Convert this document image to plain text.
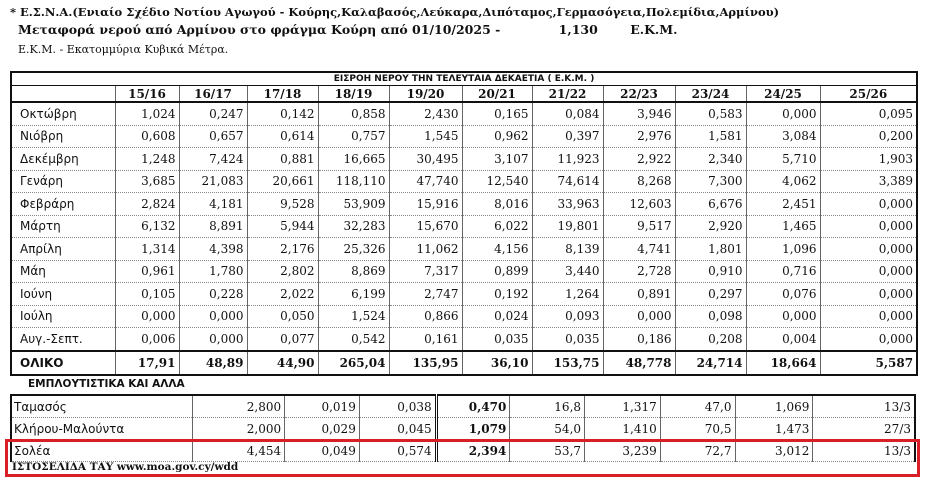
* Ε.Σ.Ν.Α.(Ενιαίο Σχέδιο Νοτίου Αγωγού - Κούρης,Καλαβασός,Λεύκαρα,Διπόταμος,Γερμασόγεια,Πολεμίδια,Αρμίνου)
Μεταφορά νερού από Αρμίνου στο φράγμα Κούρη από 01/10/2025 -	1,130	Ε.Κ.Μ.
Ε.Κ.Μ. - Εκατομμύρια Κυβικά Μέτρα.
ΕΙΣΡΟΗ ΝΕΡΟΥ ΤΗΝ ΤΕΛΕΥΤΑΙΑ ΔΕΚΑΕΤΙΑ ( Ε.Κ.Μ. )											
	15/16	16/17	17/18	18/19	19/20	20/21	21/22	22/23	23/24	24/25	25/26
Οκτώβρη	1,024	0,247	0,142	0,858	2,430	0,165	0,084	3,946	0,583	0,000	0,095
Νιόβρη	0,608	0,657	0,614	0,757	1,545	0,962	0,397	2,976	1,581	3,084	0,200
Δεκέμβρη	1,248	7,424	0,881	16,665	30,495	3,107	11,923	2,922	2,340	5,710	1,903
Γενάρη	3,685	21,083	20,661	118,110	47,740	12,540	74,614	8,268	7,300	4,062	3,389
Φεβράρη	2,824	4,181	9,528	53,909	15,916	8,016	33,963	12,603	6,676	2,451	0,000
Μάρτη	6,132	8,891	5,944	32,283	15,670	6,022	19,801	9,517	2,920	1,465	0,000
Απρίλη	1,314	4,398	2,176	25,326	11,062	4,156	8,139	4,741	1,801	1,096	0,000
Μάη	0,961	1,780	2,802	8,869	7,317	0,899	3,440	2,728	0,910	0,716	0,000
Ιούνη	0,105	0,228	2,022	6,199	2,747	0,192	1,264	0,891	0,297	0,076	0,000
Ιούλη	0,000	0,000	0,050	1,524	0,866	0,024	0,093	0,000	0,098	0,000	0,000
Αυγ.-Σεπτ.	0,006	0,000	0,077	0,542	0,161	0,035	0,035	0,186	0,208	0,004	0,000
ΟΛΙΚΟ	17,91	48,89	44,90	265,04	135,95	36,10	153,75	48,778	24,714	18,664	5,587
ΕΜΠΛΟΥΤΙΣΤΙΚΑ ΚΑΙ ΑΛΛΑ
Ταμασός	2,800	0,019	0,038	0,470	16,8	1,317	47,0	1,069	13/3
Κλήρου-Μαλούντα	2,000	0,029	0,045	1,079	54,0	1,410	70,5	1,473	27/3
Σολέα	4,454	0,049	0,574	2,394	53,7	3,239	72,7	3,012	13/3
ΙΣΤΟΣΕΛΙΔΑ ΤΑΥ www.moa.gov.cy/wdd
